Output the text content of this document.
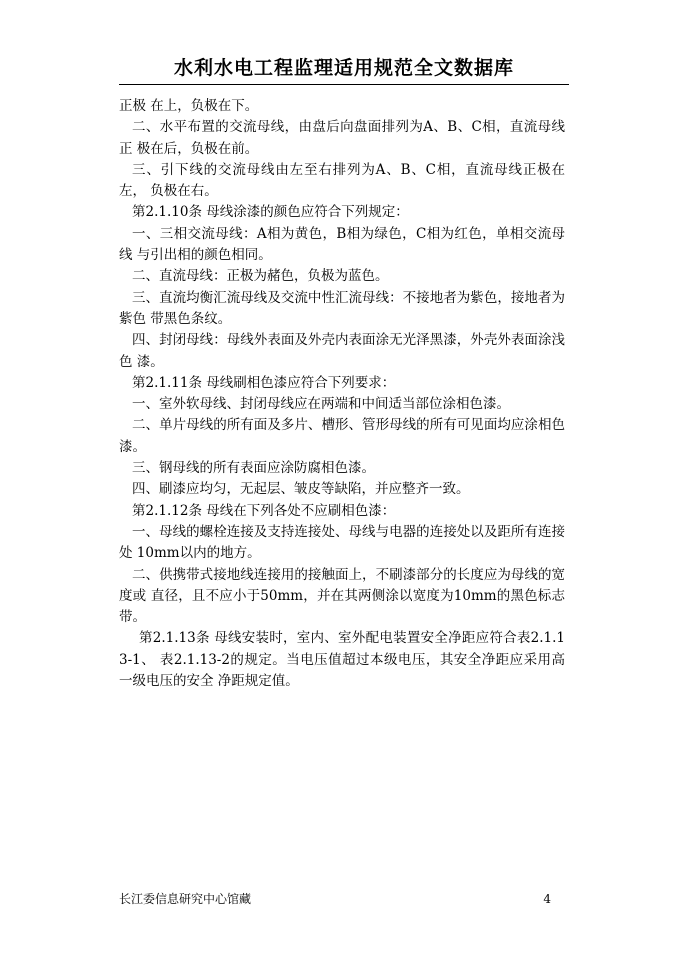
水利水电工程监理适用规范全文数据库

正极 在上，负极在下。

二、水平布置的交流母线，由盘后向盘面排列为A、B、C相，直流母线正 极在后，负极在前。

三、引下线的交流母线由左至右排列为A、B、C相，直流母线正极在左， 负极在右。

第2.1.10条 母线涂漆的颜色应符合下列规定：

一、三相交流母线：A相为黄色，B相为绿色，C相为红色，单相交流母线 与引出相的颜色相同。

二、直流母线：正极为赭色，负极为蓝色。

三、直流均衡汇流母线及交流中性汇流母线：不接地者为紫色，接地者为紫色 带黑色条纹。

四、封闭母线：母线外表面及外壳内表面涂无光泽黑漆，外壳外表面涂浅色 漆。

第2.1.11条 母线刷相色漆应符合下列要求：

一、室外软母线、封闭母线应在两端和中间适当部位涂相色漆。

二、单片母线的所有面及多片、槽形、管形母线的所有可见面均应涂相色漆。

三、钢母线的所有表面应涂防腐相色漆。

四、刷漆应均匀，无起层、皱皮等缺陷，并应整齐一致。

第2.1.12条 母线在下列各处不应刷相色漆：

一、母线的螺栓连接及支持连接处、母线与电器的连接处以及距所有连接处 10mm以内的地方。

二、供携带式接地线连接用的接触面上，不刷漆部分的长度应为母线的宽度或 直径，且不应小于50mm，并在其两侧涂以宽度为10mm的黑色标志带。

第2.1.13条 母线安装时，室内、室外配电装置安全净距应符合表2.1.13-1、 表2.1.13-2的规定。当电压值超过本级电压，其安全净距应采用高一级电压的安全 净距规定值。

长江委信息研究中心馆藏	4
